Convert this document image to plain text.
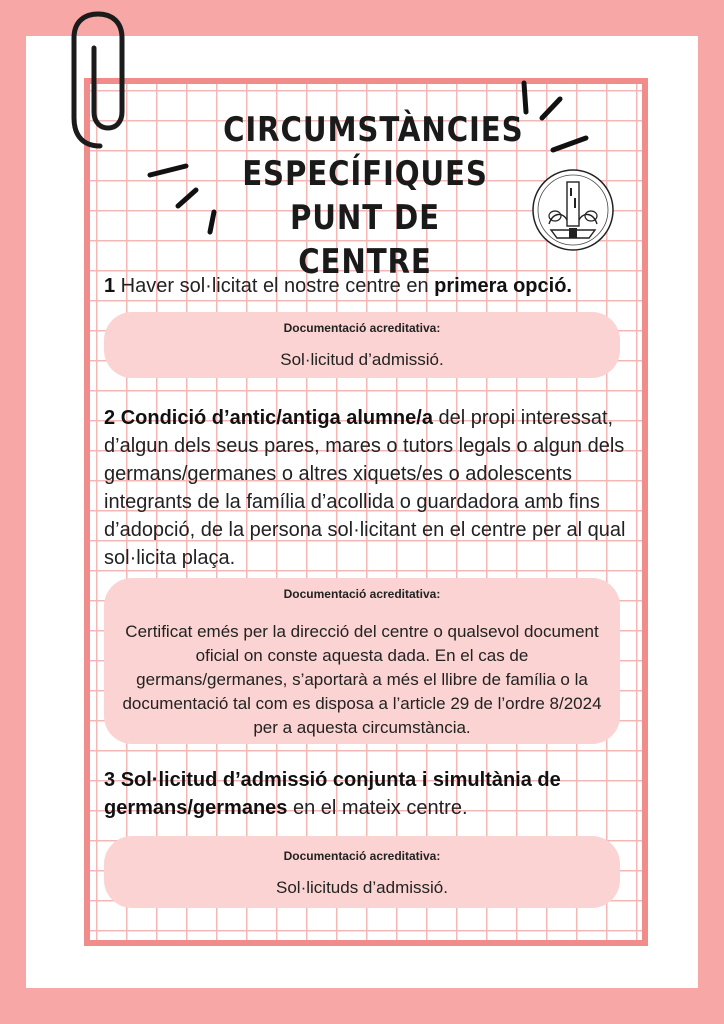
CIRCUMSTÀNCIES
ESPECÍFIQUES
PUNT DE CENTRE
1 Haver sol·licitat el nostre centre en primera opció.
Documentació acreditativa:
Sol·licitud d’admissió.
2 Condició d’antic/antiga alumne/a del propi interessat, d’algun dels seus pares, mares o tutors legals o algun dels germans/germanes o altres xiquets/es o adolescents integrants de la família d’acollida o guardadora amb fins d’adopció, de la persona sol·licitant en el centre per al qual sol·licita plaça.
Documentació acreditativa:
Certificat emés per la direcció del centre o qualsevol document oficial on conste aquesta dada. En el cas de germans/germanes, s’aportarà a més el llibre de família o la documentació tal com es disposa a l’article 29 de l’ordre 8/2024 per a aquesta circumstància.
3 Sol·licitud d’admissió conjunta i simultània de germans/germanes en el mateix centre.
Documentació acreditativa:
Sol·licituds d’admissió.
